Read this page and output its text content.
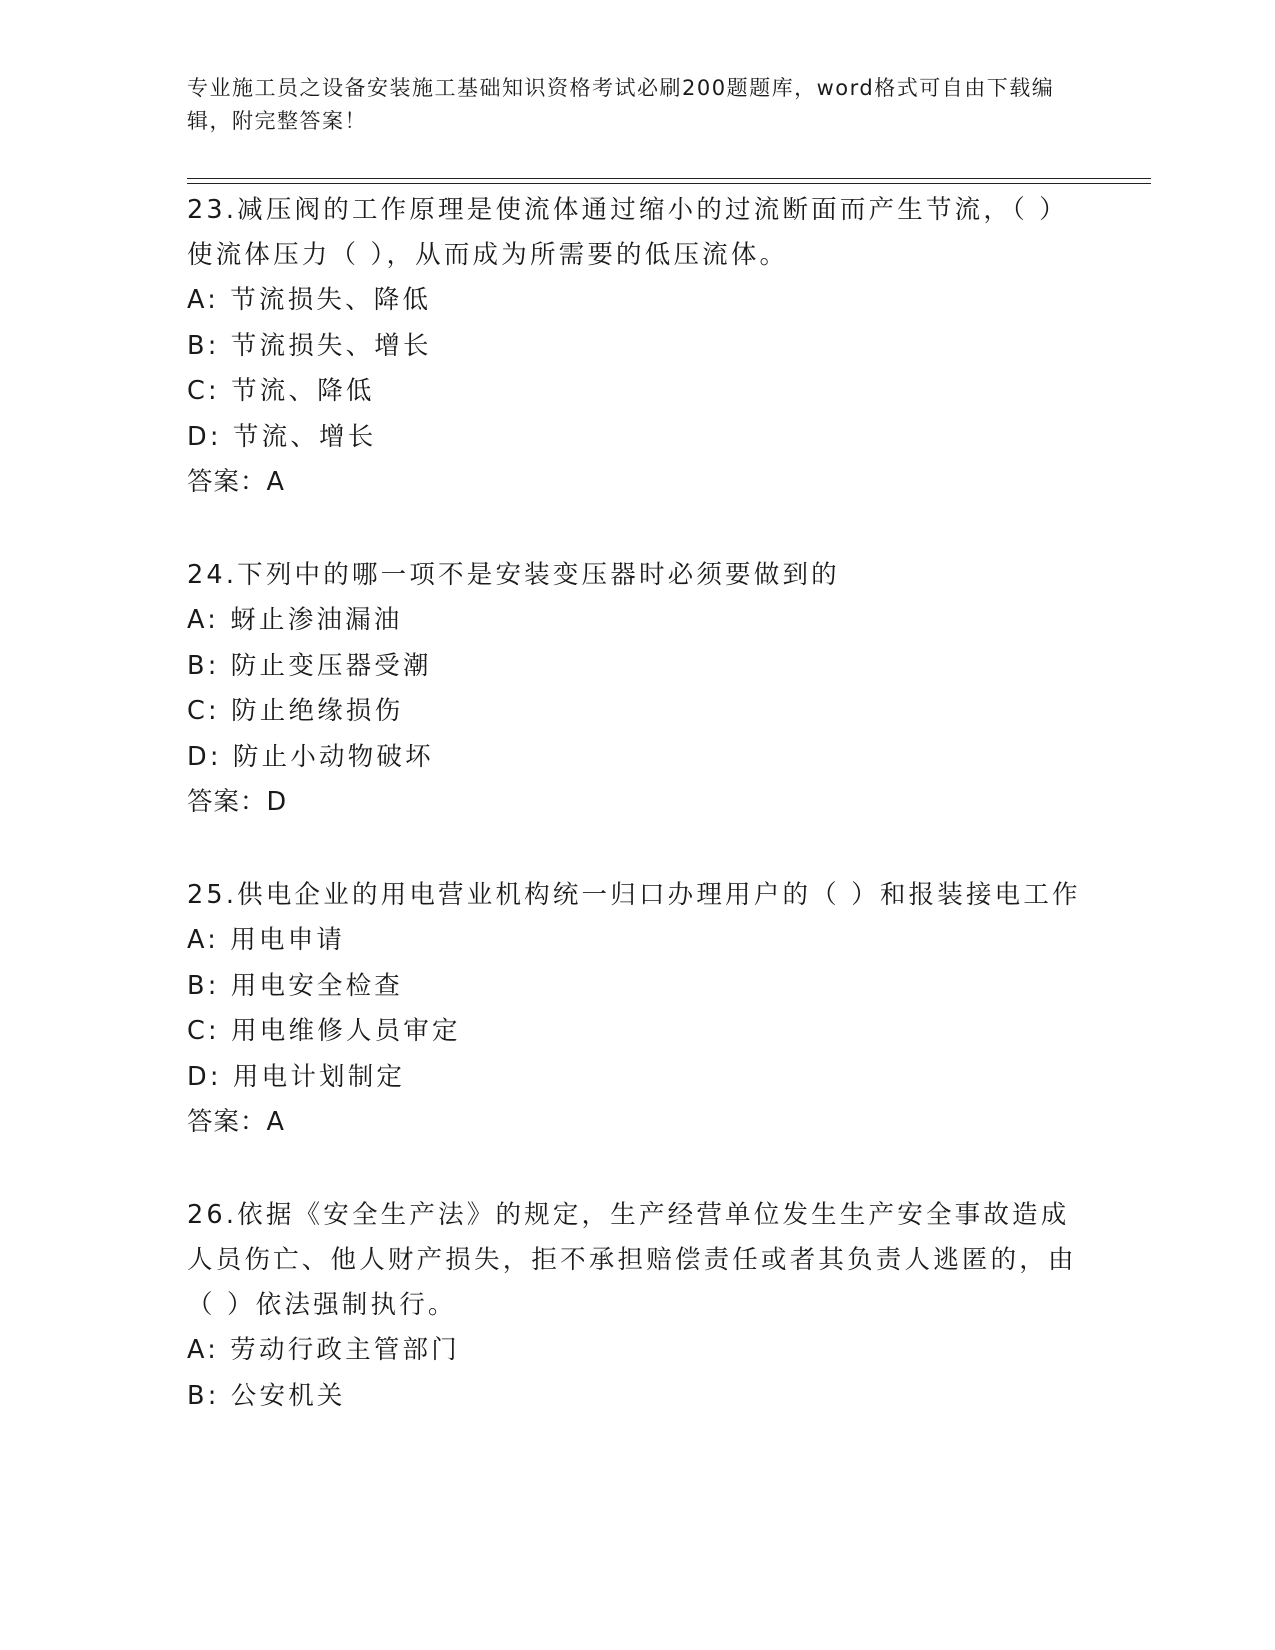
专业施工员之设备安装施工基础知识资格考试必刷200题题库，word格式可自由下载编辑，附完整答案！
23.减压阀的工作原理是使流体通过缩小的过流断面而产生节流，（ ）使流体压力（ ），从而成为所需要的低压流体。
A: 节流损失、降低
B: 节流损失、增长
C: 节流、降低
D: 节流、增长
答案：A
24.下列中的哪一项不是安装变压器时必须要做到的
A: 蚜止渗油漏油
B: 防止变压器受潮
C: 防止绝缘损伤
D: 防止小动物破坏
答案：D
25.供电企业的用电营业机构统一归口办理用户的（ ）和报装接电工作
A: 用电申请
B: 用电安全检查
C: 用电维修人员审定
D: 用电计划制定
答案：A
26.依据《安全生产法》的规定，生产经营单位发生生产安全事故造成人员伤亡、他人财产损失，拒不承担赔偿责任或者其负责人逃匿的，由（ ）依法强制执行。
A: 劳动行政主管部门
B: 公安机关
